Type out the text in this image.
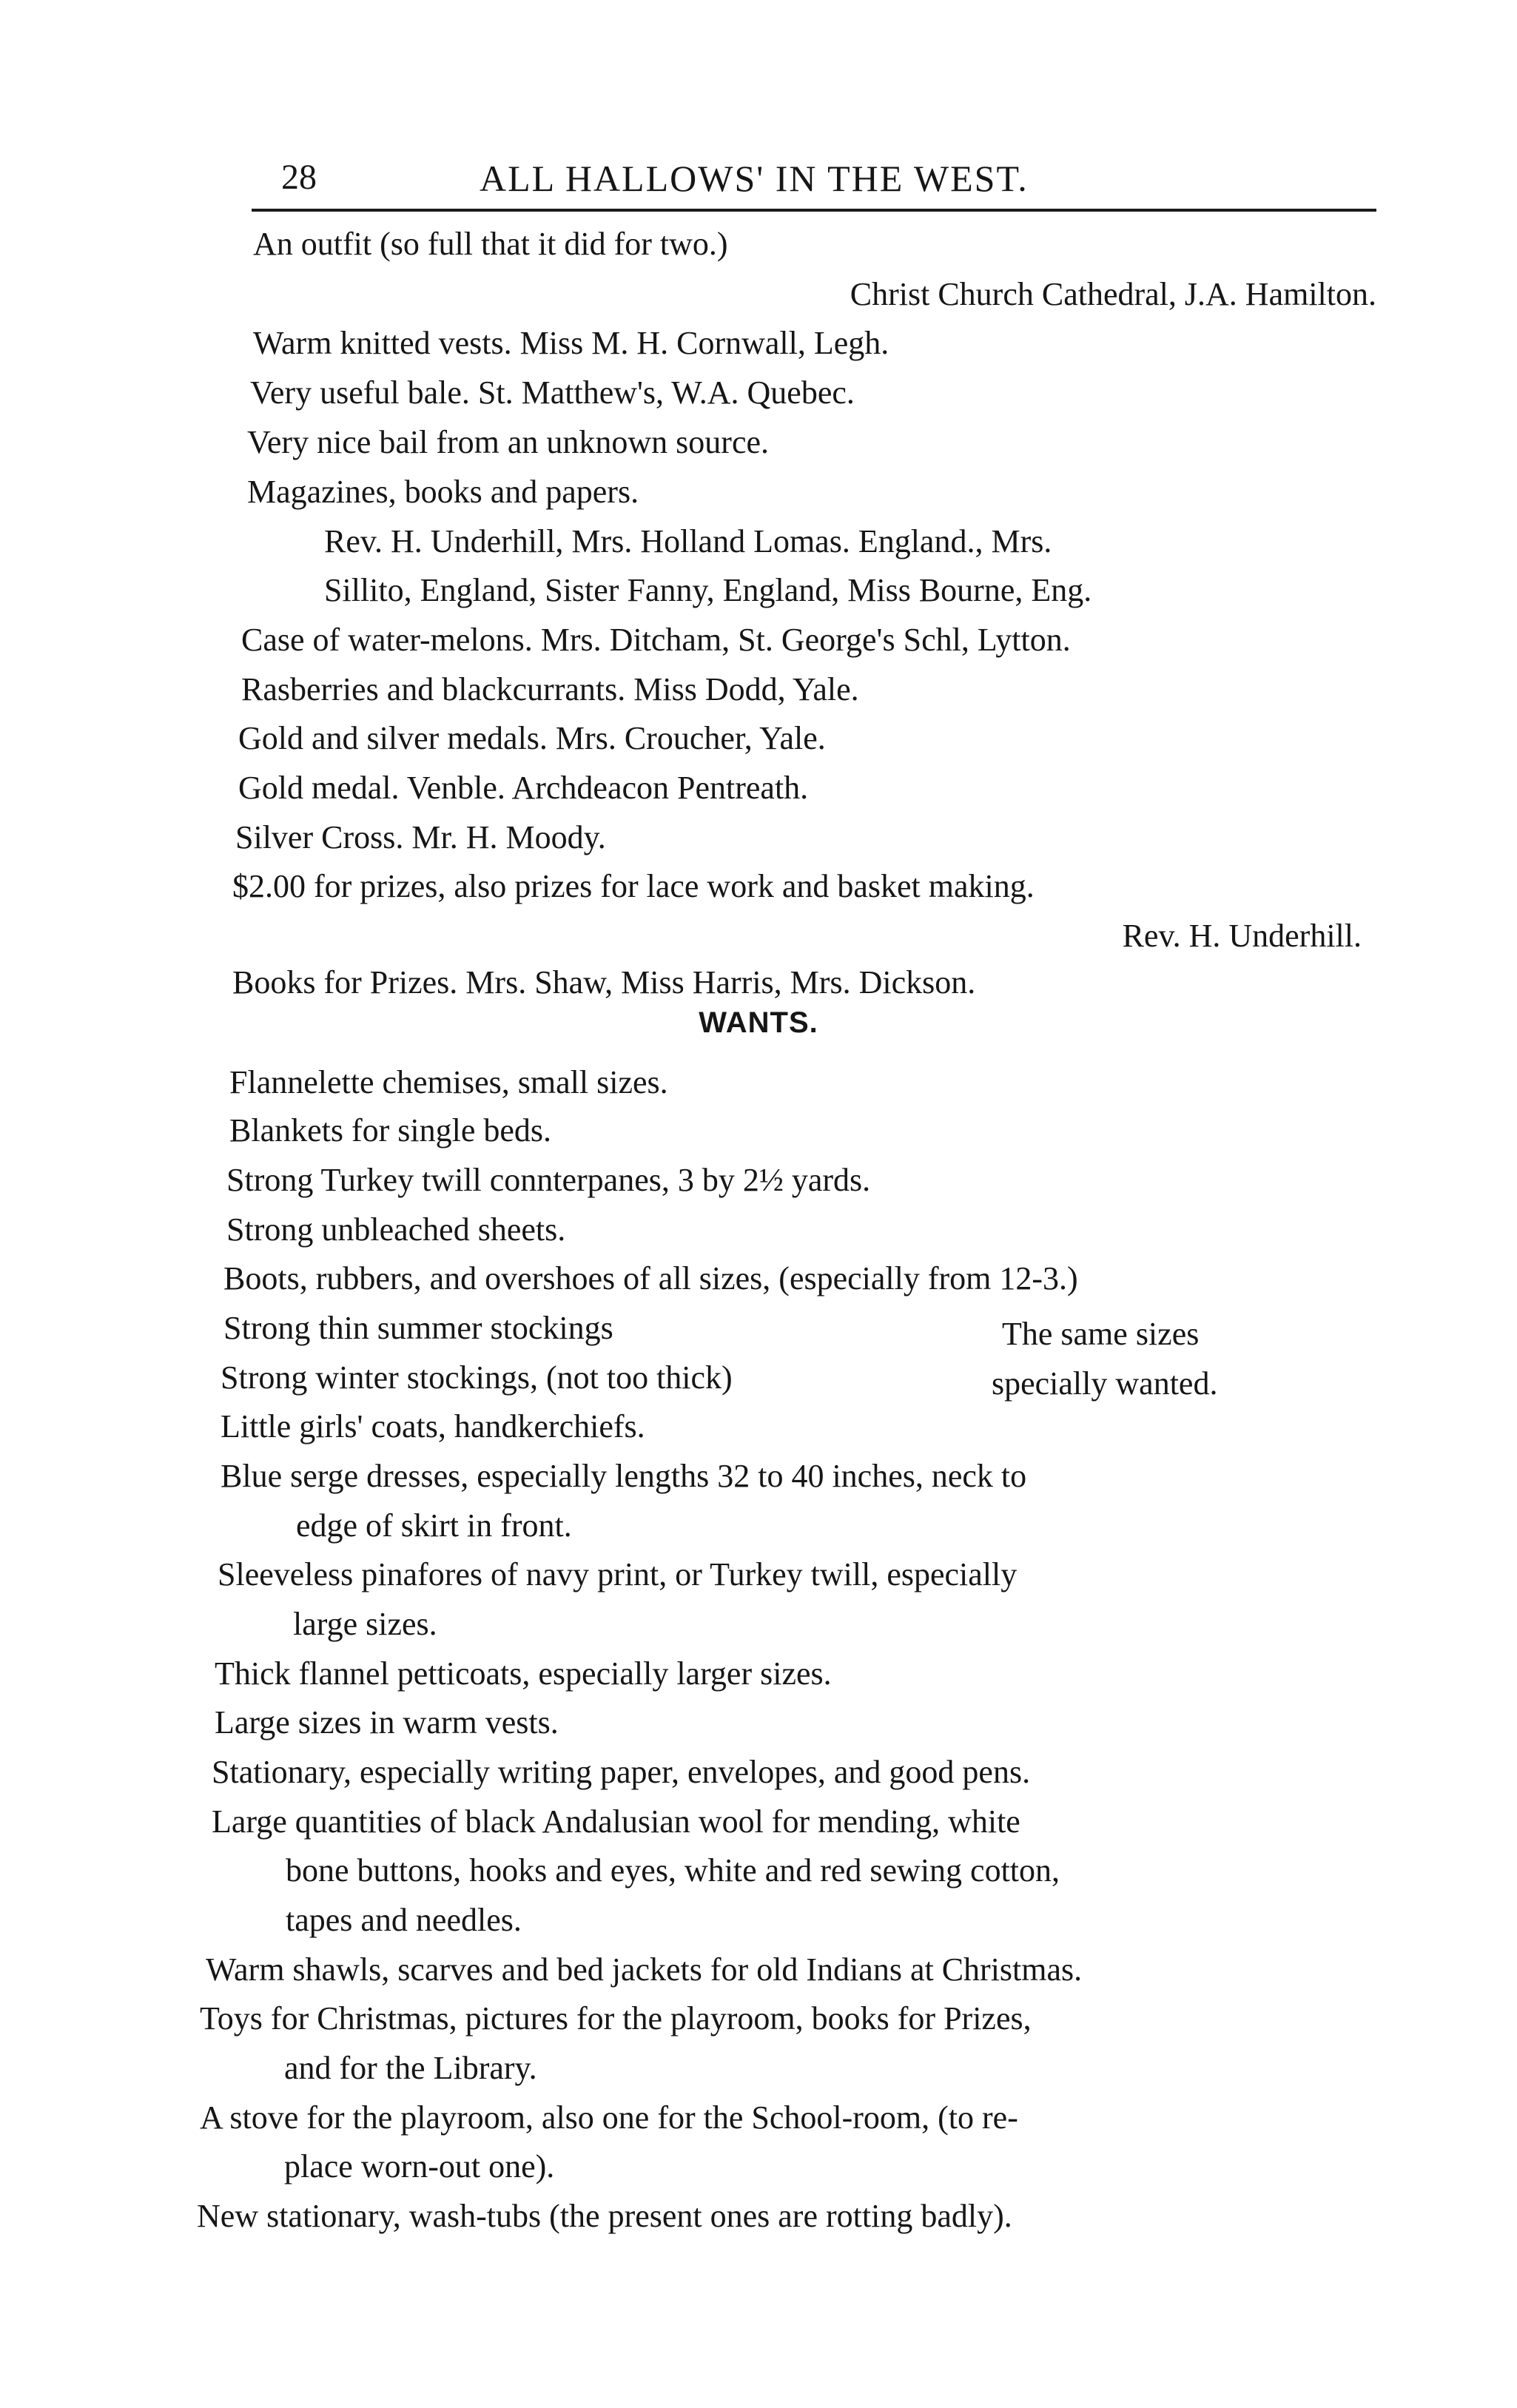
28	ALL HALLOWS' IN THE WEST.
An outfit (so full that it did for two.)
Christ Church Cathedral, J.A. Hamilton.
Warm knitted vests. Miss M. H. Cornwall, Legh.
Very useful bale. St. Matthew's, W.A. Quebec.
Very nice bail from an unknown source.
Magazines, books and papers.
Rev. H. Underhill, Mrs. Holland Lomas. England., Mrs.
Sillito, England, Sister Fanny, England, Miss Bourne, Eng.
Case of water-melons. Mrs. Ditcham, St. George's Schl, Lytton.
Rasberries and blackcurrants. Miss Dodd, Yale.
Gold and silver medals. Mrs. Croucher, Yale.
Gold medal. Venble. Archdeacon Pentreath.
Silver Cross. Mr. H. Moody.
$2.00 for prizes, also prizes for lace work and basket making.
Rev. H. Underhill.
Books for Prizes. Mrs. Shaw, Miss Harris, Mrs. Dickson.
WANTS.
Flannelette chemises, small sizes.
Blankets for single beds.
Strong Turkey twill connterpanes, 3 by 2½ yards.
Strong unbleached sheets.
Boots, rubbers, and overshoes of all sizes, (especially from 12-3.)
Strong thin summer stockings	The same sizes
Strong winter stockings, (not too thick)	specially wanted.
Little girls' coats, handkerchiefs.
Blue serge dresses, especially lengths 32 to 40 inches, neck to
edge of skirt in front.
Sleeveless pinafores of navy print, or Turkey twill, especially
large sizes.
Thick flannel petticoats, especially larger sizes.
Large sizes in warm vests.
Stationary, especially writing paper, envelopes, and good pens.
Large quantities of black Andalusian wool for mending, white
bone buttons, hooks and eyes, white and red sewing cotton,
tapes and needles.
Warm shawls, scarves and bed jackets for old Indians at Christmas.
Toys for Christmas, pictures for the playroom, books for Prizes,
and for the Library.
A stove for the playroom, also one for the School-room, (to re-
place worn-out one).
New stationary, wash-tubs (the present ones are rotting badly).
